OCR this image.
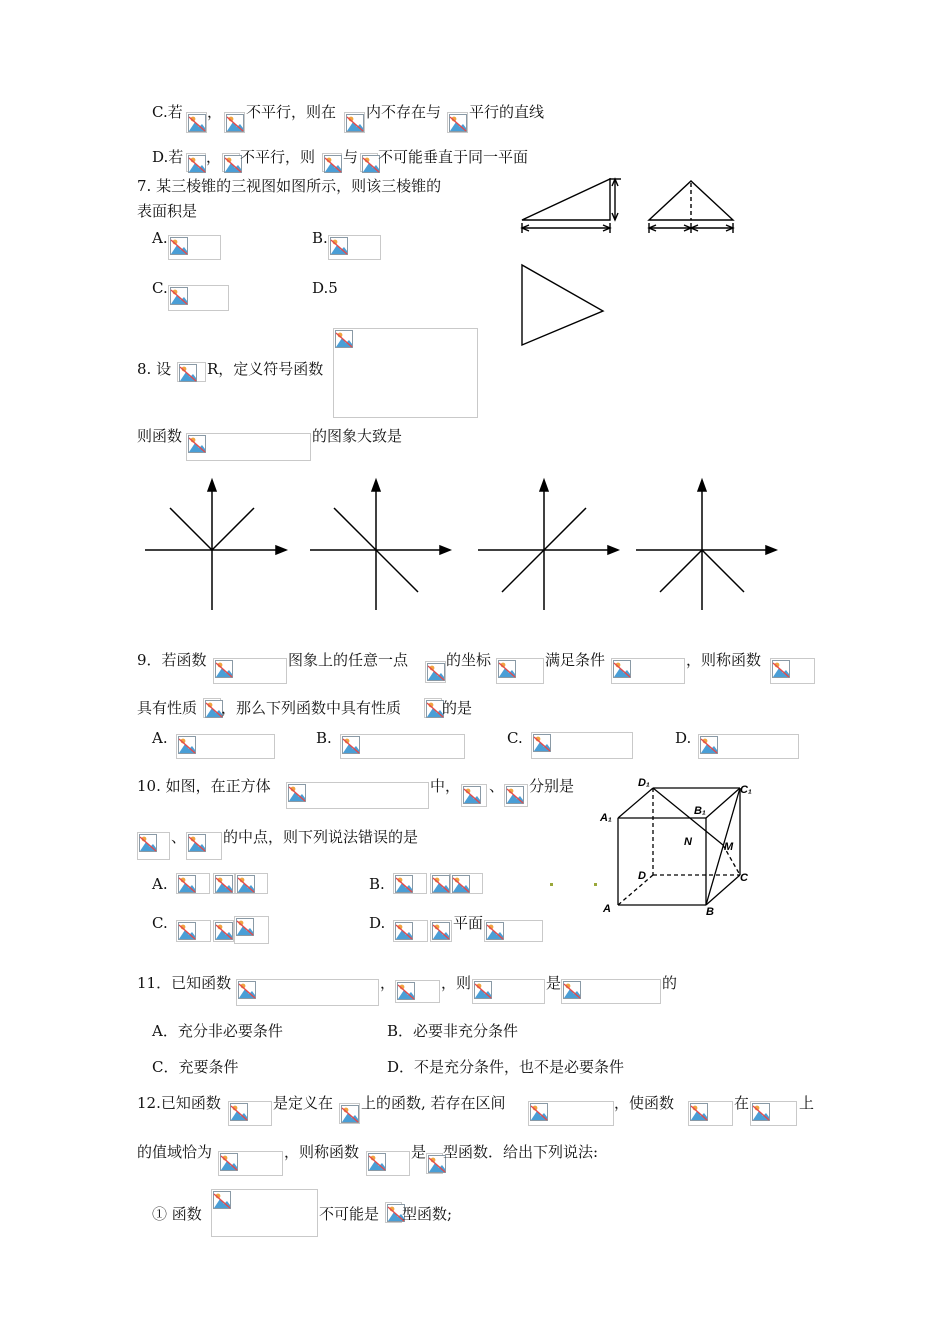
C.若 ， 不平行，则在 内不存在与 平行的直线
D.若 ， 不平行，则 与 不可能垂直于同一平面
7. 某三棱锥的三视图如图所示，则该三棱锥的
表面积是
A.	B.
C.	D.5
8. 设 R，定义符号函数
则函数	的图象大致是
9．若函数	图象上的任意一点	的坐标	满足条件	，则称函数
具有性质 ，那么下列函数中具有性质	的是
A.	B.	C.	D.
10. 如图，在正方体	中， 、 分别是
、 的中点，则下列说法错误的是
A.	B.
C.	D.	平面
D₁
C₁
A₁
B₁
N	M
D	C
A	B
11．已知函数	，	，则	是	的
A．充分非必要条件	B．必要非充分条件
C．充要条件	D．不是充分条件，也不是必要条件
12.已知函数	是定义在 上的函数, 若存在区间	，使函数	在	上
的值域恰为	，则称函数	是 型函数．给出下列说法:
① 函数	不可能是 型函数;
